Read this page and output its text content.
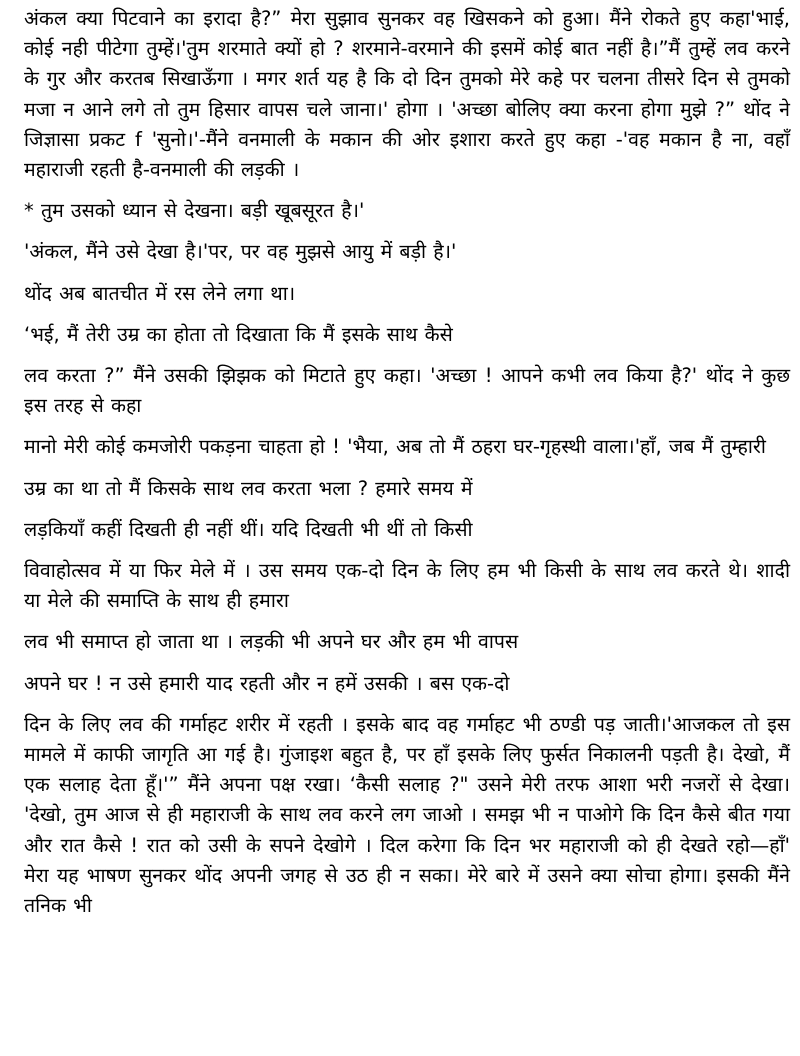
अंकल क्या पिटवाने का इरादा है?” मेरा सुझाव सुनकर वह खिसकने को हुआ। मैंने रोकते हुए कहा'भाई, कोई नही पीटेगा तुम्हें।'तुम शरमाते क्यों हो ? शरमाने-वरमाने की इसमें कोई बात नहीं है।”मैं तुम्हें लव करने के गुर और करतब सिखाऊँगा । मगर शर्त यह है कि दो दिन तुमको मेरे कहे पर चलना तीसरे दिन से तुमको मजा न आने लगे तो तुम हिसार वापस चले जाना।' होगा । 'अच्छा बोलिए क्या करना होगा मुझे ?” थोंद ने जिज्ञासा प्रकट f 'सुनो।'-मैंने वनमाली के मकान की ओर इशारा करते हुए कहा -'वह मकान है ना, वहाँ महाराजी रहती है-वनमाली की लड़की ।

* तुम उसको ध्यान से देखना। बड़ी खूबसूरत है।'

'अंकल, मैंने उसे देखा है।'पर, पर वह मुझसे आयु में बड़ी है।'

थोंद अब बातचीत में रस लेने लगा था।

‘भई, मैं तेरी उम्र का होता तो दिखाता कि मैं इसके साथ कैसे

लव करता ?” मैंने उसकी झिझक को मिटाते हुए कहा। 'अच्छा ! आपने कभी लव किया है?' थोंद ने कुछ इस तरह से कहा

मानो मेरी कोई कमजोरी पकड़ना चाहता हो ! 'भैया, अब तो मैं ठहरा घर-गृहस्थी वाला।'हाँ, जब मैं तुम्हारी

उम्र का था तो मैं किसके साथ लव करता भला ? हमारे समय में

लड़कियाँ कहीं दिखती ही नहीं थीं। यदि दिखती भी थीं तो किसी

विवाहोत्सव में या फिर मेले में । उस समय एक-दो दिन के लिए हम भी किसी के साथ लव करते थे। शादी या मेले की समाप्ति के साथ ही हमारा

लव भी समाप्त हो जाता था । लड़की भी अपने घर और हम भी वापस

अपने घर ! न उसे हमारी याद रहती और न हमें उसकी । बस एक-दो

दिन के लिए लव की गर्माहट शरीर में रहती । इसके बाद वह गर्माहट भी ठण्डी पड़ जाती।'आजकल तो इस मामले में काफी जागृति आ गई है। गुंजाइश बहुत है, पर हाँ इसके लिए फुर्सत निकालनी पड़ती है। देखो, मैं एक सलाह देता हूँ।'” मैंने अपना पक्ष रखा। ‘कैसी सलाह ?" उसने मेरी तरफ आशा भरी नजरों से देखा। 'देखो, तुम आज से ही महाराजी के साथ लव करने लग जाओ । समझ भी न पाओगे कि दिन कैसे बीत गया और रात कैसे ! रात को उसी के सपने देखोगे । दिल करेगा कि दिन भर महाराजी को ही देखते रहो—हाँ' मेरा यह भाषण सुनकर थोंद अपनी जगह से उठ ही न सका। मेरे बारे में उसने क्या सोचा होगा। इसकी मैंने तनिक भी
